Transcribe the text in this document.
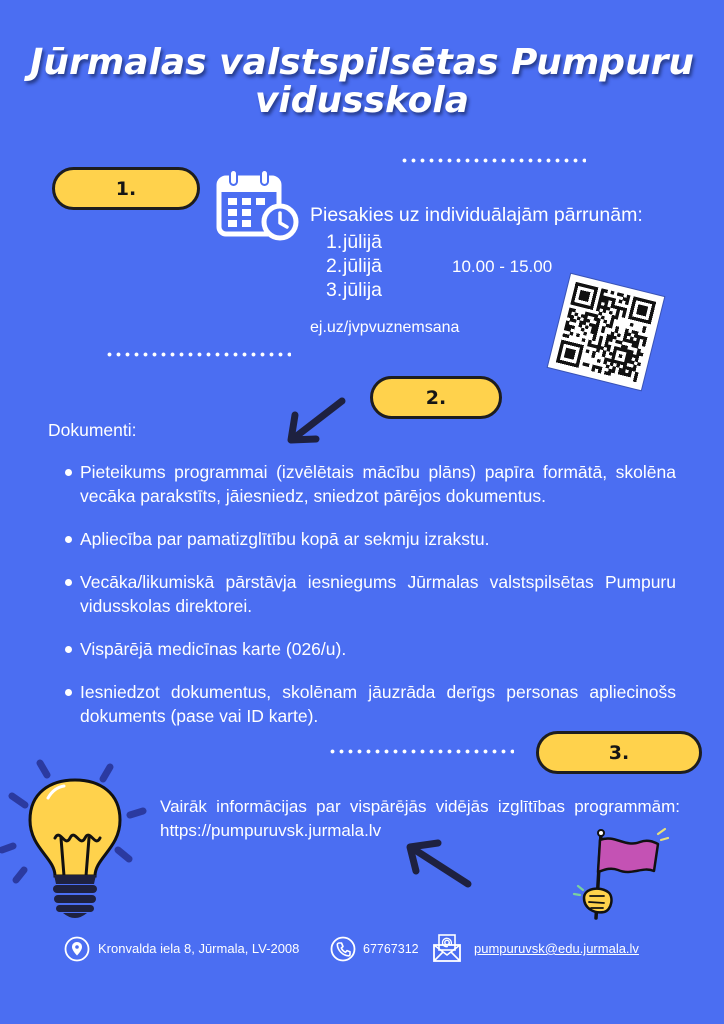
Jūrmalas valstspilsētas Pumpuru
vidusskola
1.
Piesakies uz individuālajām pārrunām:
1.jūlijā
2.jūlijā
3.jūlija
10.00 - 15.00
ej.uz/jvpvuznemsana
2.
Dokumenti:
Pieteikums programmai (izvēlētais mācību plāns) papīra formātā, skolēna vecāka parakstīts, jāiesniedz, sniedzot pārējos dokumentus.
Apliecība par pamatizglītību kopā ar sekmju izrakstu.
Vecāka/likumiskā pārstāvja iesniegums Jūrmalas valstspilsētas Pumpuru vidusskolas direktorei.
Vispārējā medicīnas karte (026/u).
Iesniedzot dokumentus, skolēnam jāuzrāda derīgs personas apliecinošs dokuments (pase vai ID karte).
3.
Vairāk informācijas par vispārējās vidējās izglītības programmām:
https://pumpuruvsk.jurmala.lv
Kronvalda iela 8, Jūrmala, LV-2008	67767312	pumpuruvsk@edu.jurmala.lv
